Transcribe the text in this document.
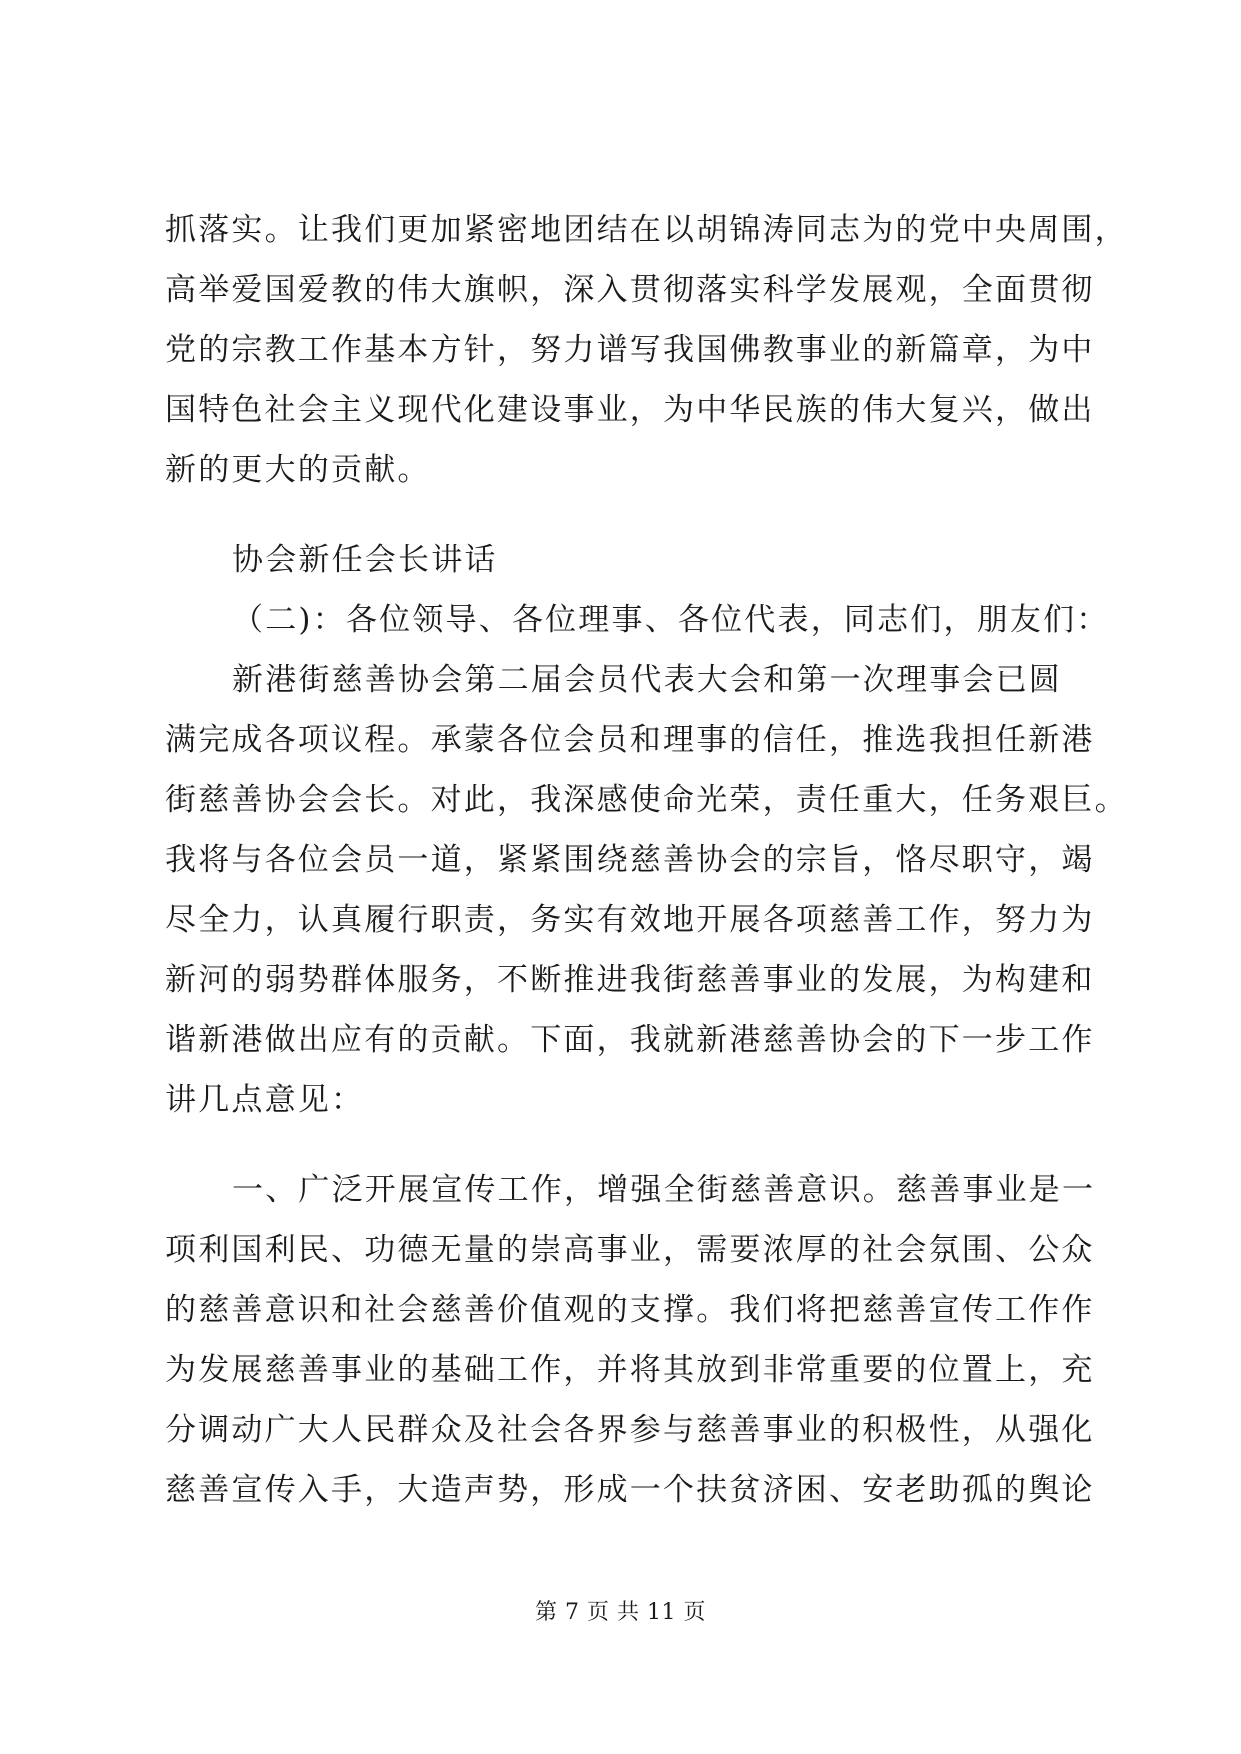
抓落实。让我们更加紧密地团结在以胡锦涛同志为的党中央周围，
高举爱国爱教的伟大旗帜，深入贯彻落实科学发展观，全面贯彻
党的宗教工作基本方针，努力谱写我国佛教事业的新篇章，为中
国特色社会主义现代化建设事业，为中华民族的伟大复兴，做出
新的更大的贡献。
协会新任会长讲话
（二)：各位领导、各位理事、各位代表，同志们，朋友们：
新港街慈善协会第二届会员代表大会和第一次理事会已圆
满完成各项议程。承蒙各位会员和理事的信任，推选我担任新港
街慈善协会会长。对此，我深感使命光荣，责任重大，任务艰巨。
我将与各位会员一道，紧紧围绕慈善协会的宗旨，恪尽职守，竭
尽全力，认真履行职责，务实有效地开展各项慈善工作，努力为
新河的弱势群体服务，不断推进我街慈善事业的发展，为构建和
谐新港做出应有的贡献。下面，我就新港慈善协会的下一步工作
讲几点意见：
一、广泛开展宣传工作，增强全街慈善意识。慈善事业是一
项利国利民、功德无量的崇高事业，需要浓厚的社会氛围、公众
的慈善意识和社会慈善价值观的支撑。我们将把慈善宣传工作作
为发展慈善事业的基础工作，并将其放到非常重要的位置上，充
分调动广大人民群众及社会各界参与慈善事业的积极性，从强化
慈善宣传入手，大造声势，形成一个扶贫济困、安老助孤的舆论
第 7 页 共 11 页
